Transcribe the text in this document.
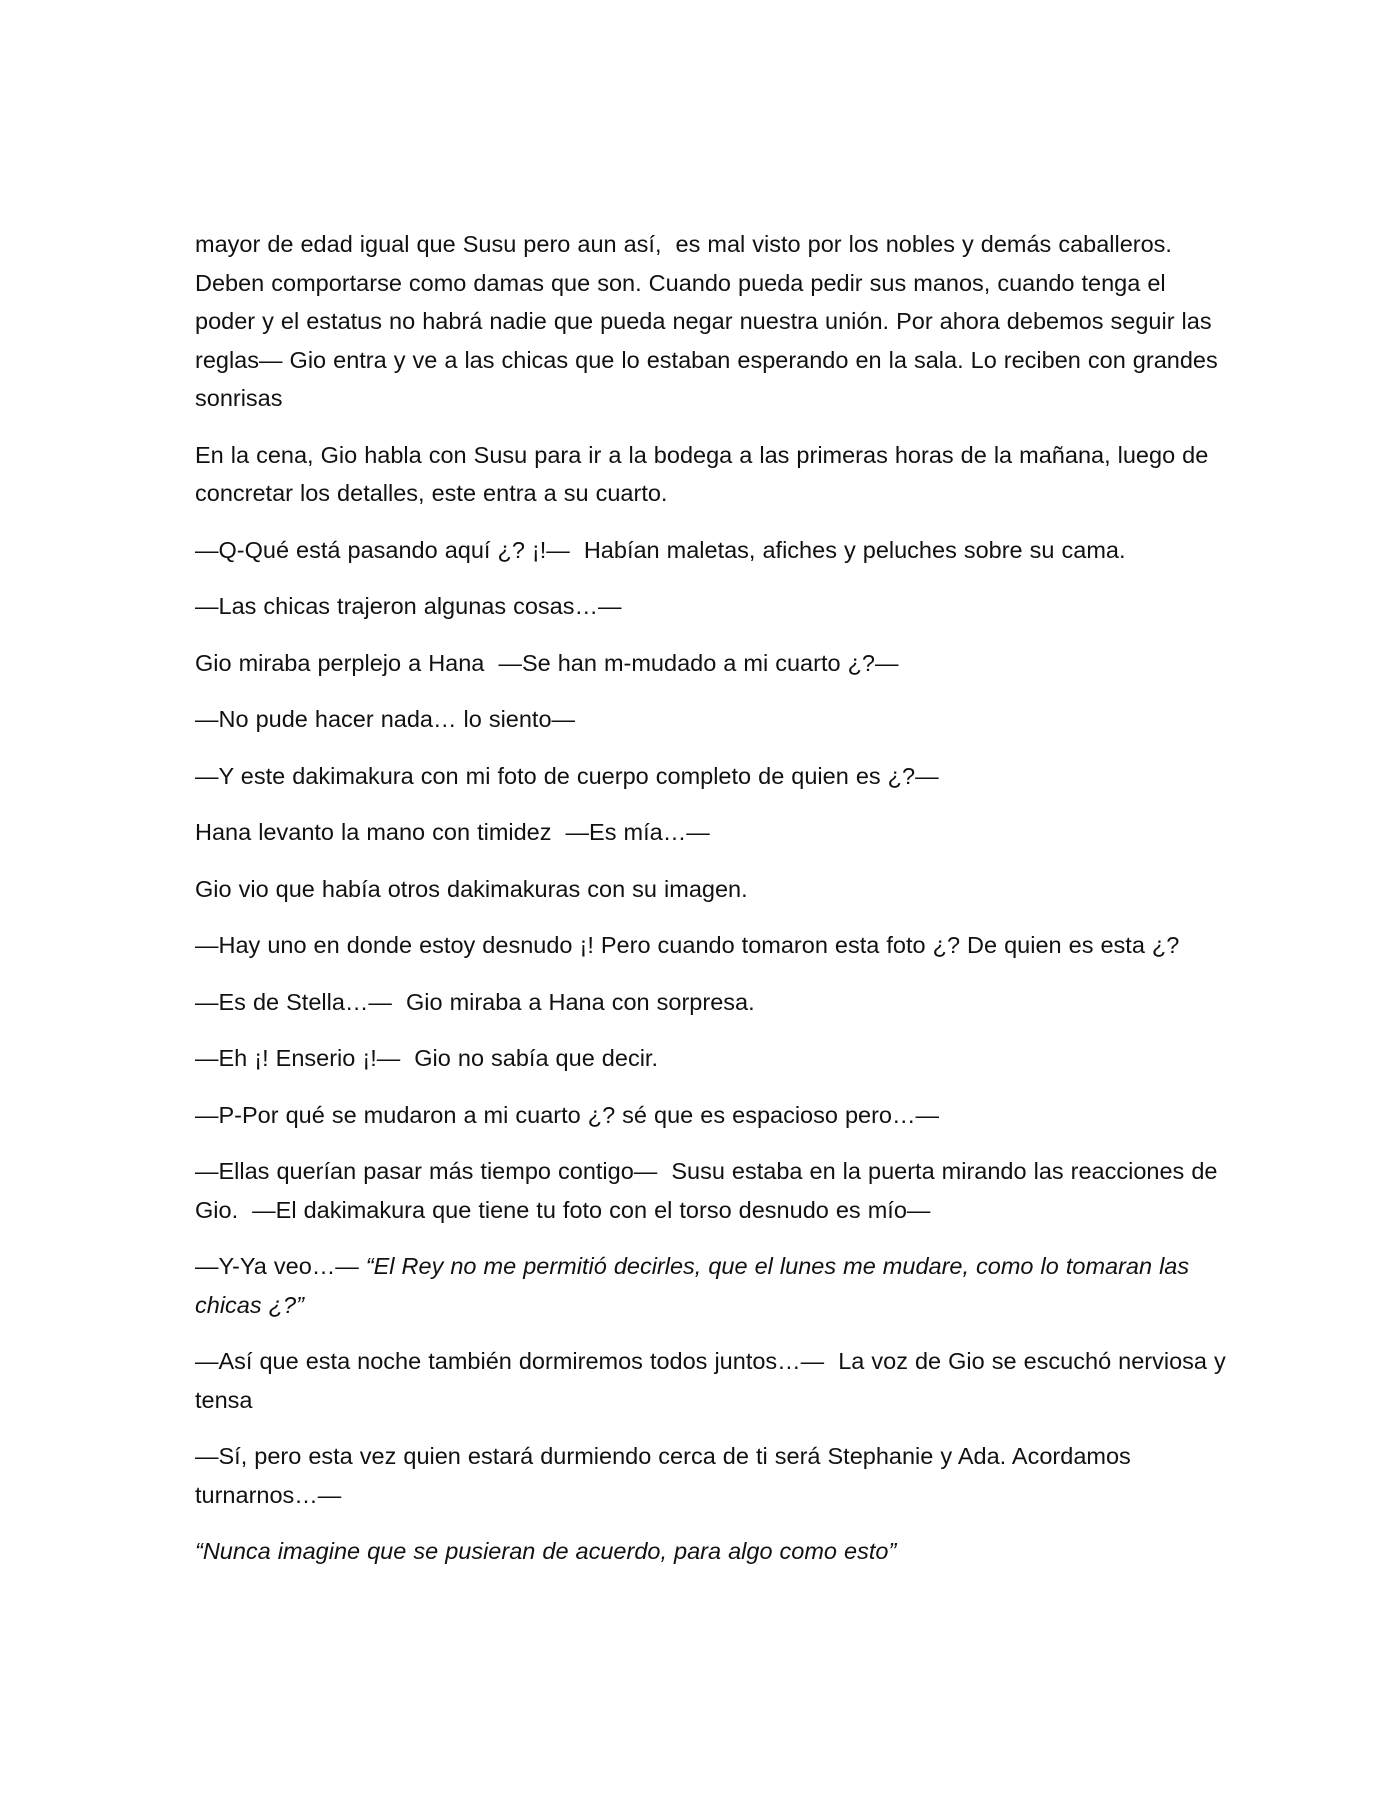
mayor de edad igual que Susu pero aun así,  es mal visto por los nobles y demás caballeros. Deben comportarse como damas que son. Cuando pueda pedir sus manos, cuando tenga el poder y el estatus no habrá nadie que pueda negar nuestra unión. Por ahora debemos seguir las reglas— Gio entra y ve a las chicas que lo estaban esperando en la sala. Lo reciben con grandes sonrisas

En la cena, Gio habla con Susu para ir a la bodega a las primeras horas de la mañana, luego de concretar los detalles, este entra a su cuarto.

—Q-Qué está pasando aquí ¿? ¡!—  Habían maletas, afiches y peluches sobre su cama.

—Las chicas trajeron algunas cosas…—

Gio miraba perplejo a Hana  —Se han m-mudado a mi cuarto ¿?—

—No pude hacer nada… lo siento—

—Y este dakimakura con mi foto de cuerpo completo de quien es ¿?—

Hana levanto la mano con timidez  —Es mía…—

Gio vio que había otros dakimakuras con su imagen.

—Hay uno en donde estoy desnudo ¡! Pero cuando tomaron esta foto ¿? De quien es esta ¿?

—Es de Stella…—  Gio miraba a Hana con sorpresa.

—Eh ¡! Enserio ¡!—  Gio no sabía que decir.

—P-Por qué se mudaron a mi cuarto ¿? sé que es espacioso pero…—

—Ellas querían pasar más tiempo contigo—  Susu estaba en la puerta mirando las reacciones de Gio.  —El dakimakura que tiene tu foto con el torso desnudo es mío—

—Y-Ya veo…— “El Rey no me permitió decirles, que el lunes me mudare, como lo tomaran las chicas ¿?”

—Así que esta noche también dormiremos todos juntos…—  La voz de Gio se escuchó nerviosa y tensa

—Sí, pero esta vez quien estará durmiendo cerca de ti será Stephanie y Ada. Acordamos turnarnos…—

“Nunca imagine que se pusieran de acuerdo, para algo como esto”
